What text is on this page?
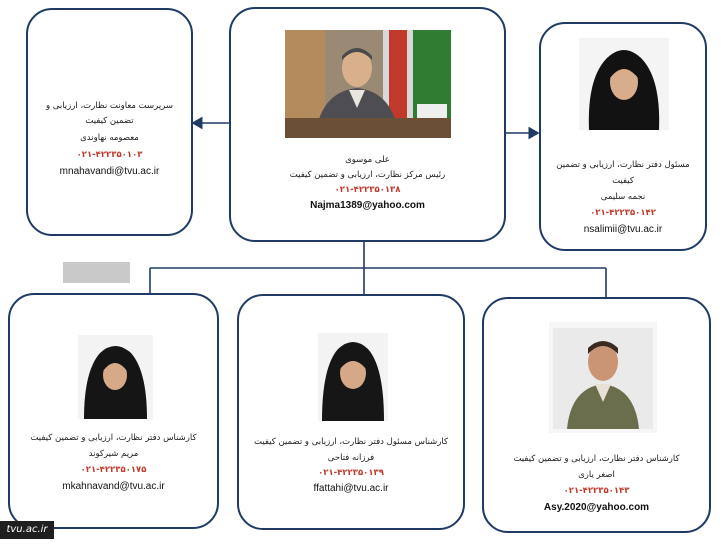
سرپرست معاونت نظارت، ارزیابی و
تضمین کیفیت
معصومه نهاوندی
۰۲۱-۴۲۲۳۵۰۱۰۳
mnahavandi@tvu.ac.ir
علی موسوی
رئیس مرکز نظارت، ارزیابی و تضمین کیفیت
۰۲۱-۴۲۲۳۵۰۱۳۸
Najma1389@yahoo.com
مسئول دفتر نظارت، ارزیابی و تضمین
کیفیت
نجمه سلیمی
۰۲۱-۴۲۲۳۵۰۱۴۲
nsalimii@tvu.ac.ir
کارشناس دفتر نظارت، ارزیابی و تضمین کیفیت
مریم شیرکوند
۰۲۱-۴۲۲۳۵۰۱۷۵
mkahnavand@tvu.ac.ir
کارشناس مسئول دفتر نظارت، ارزیابی و تضمین کیفیت
فرزانه فتاحی
۰۲۱-۴۲۲۳۵۰۱۳۹
ffattahi@tvu.ac.ir
کارشناس دفتر نظارت، ارزیابی و تضمین کیفیت
اصغر یاری
۰۲۱-۴۲۲۳۵۰۱۴۳
Asy.2020@yahoo.com
tvu.ac.ir
